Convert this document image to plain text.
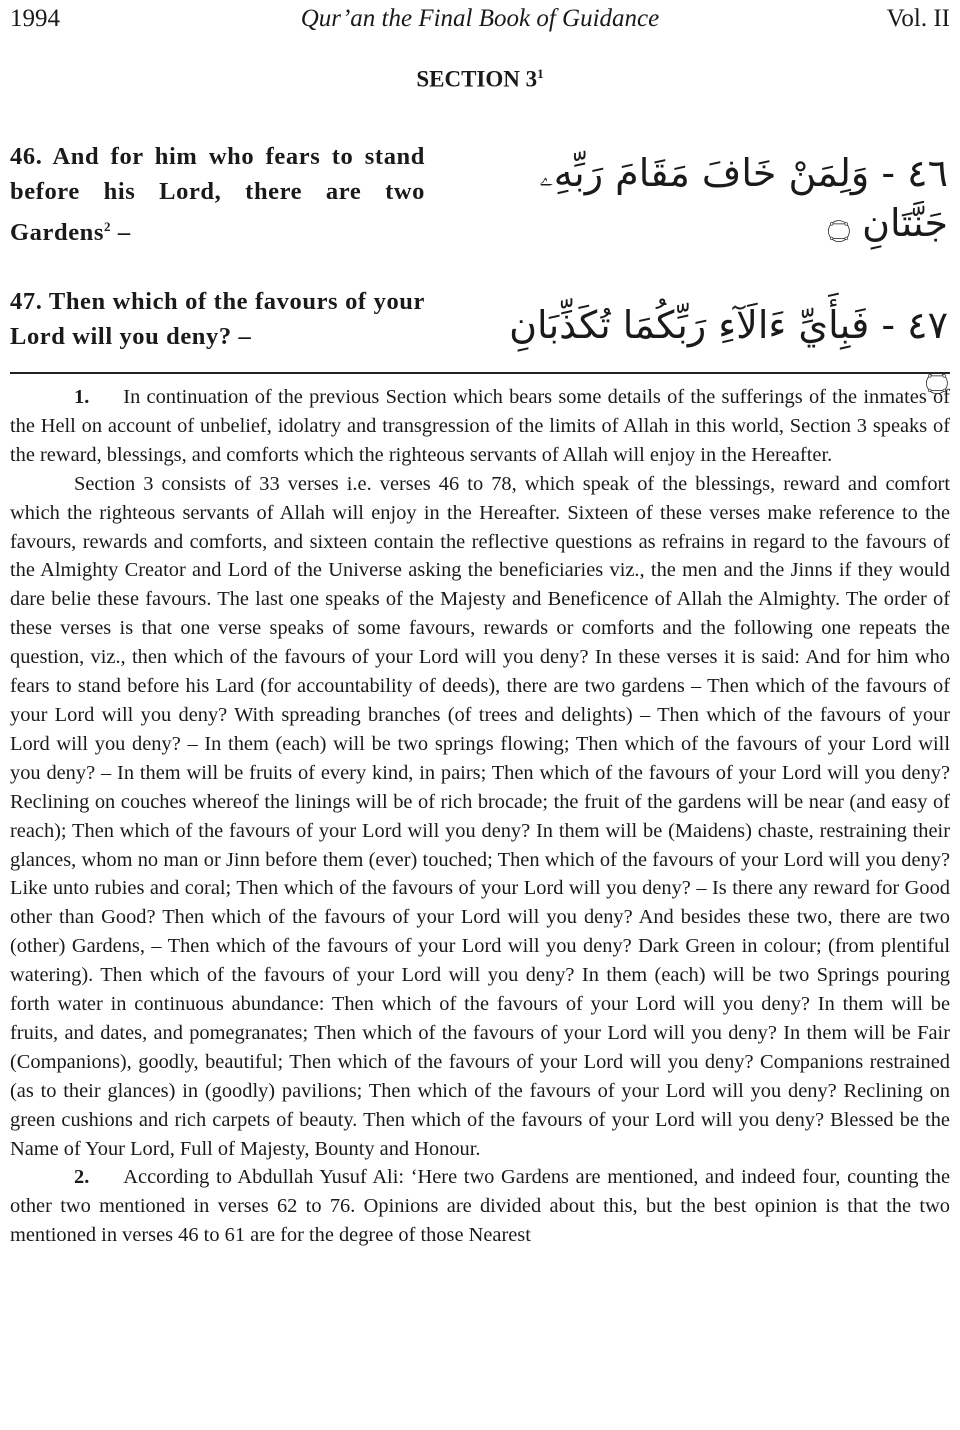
1994	Qur’an the Final Book of Guidance	Vol. II
SECTION $3^1$
46. And for him who fears to stand before his Lord, there are two Gardens$^2$ –
٤٦ - وَلِمَنْ خَافَ مَقَامَ رَبِّهِۦ جَنَّتَانِ ۝
47. Then which of the favours of your Lord will you deny? –	٤٧ - فَبِأَيِّ ءَالَآءِ رَبِّكُمَا تُكَذِّبَانِ ۝

1. In continuation of the previous Section which bears some details of the sufferings of the inmates of the Hell on account of unbelief, idolatry and transgression of the limits of Allah in this world, Section 3 speaks of the reward, blessings, and comforts which the righteous servants of Allah will enjoy in the Hereafter.

Section 3 consists of 33 verses i.e. verses 46 to 78, which speak of the blessings, reward and comfort which the righteous servants of Allah will enjoy in the Hereafter. Sixteen of these verses make reference to the favours, rewards and comforts, and sixteen contain the reflective questions as refrains in regard to the favours of the Almighty Creator and Lord of the Universe asking the beneficiaries viz., the men and the Jinns if they would dare belie these favours. The last one speaks of the Majesty and Beneficence of Allah the Almighty. The order of these verses is that one verse speaks of some favours, rewards or comforts and the following one repeats the question, viz., then which of the favours of your Lord will you deny? In these verses it is said: And for him who fears to stand before his Lard (for accountability of deeds), there are two gardens – Then which of the favours of your Lord will you deny? With spreading branches (of trees and delights) – Then which of the favours of your Lord will you deny? – In them (each) will be two springs flowing; Then which of the favours of your Lord will you deny? – In them will be fruits of every kind, in pairs; Then which of the favours of your Lord will you deny? Reclining on couches whereof the linings will be of rich brocade; the fruit of the gardens will be near (and easy of reach); Then which of the favours of your Lord will you deny? In them will be (Maidens) chaste, restraining their glances, whom no man or Jinn before them (ever) touched; Then which of the favours of your Lord will you deny? Like unto rubies and coral; Then which of the favours of your Lord will you deny? – Is there any reward for Good other than Good? Then which of the favours of your Lord will you deny? And besides these two, there are two (other) Gardens, – Then which of the favours of your Lord will you deny? Dark Green in colour; (from plentiful watering). Then which of the favours of your Lord will you deny? In them (each) will be two Springs pouring forth water in continuous abundance: Then which of the favours of your Lord will you deny? In them will be fruits, and dates, and pomegranates; Then which of the favours of your Lord will you deny? In them will be Fair (Companions), goodly, beautiful; Then which of the favours of your Lord will you deny? Companions restrained (as to their glances) in (goodly) pavilions; Then which of the favours of your Lord will you deny? Reclining on green cushions and rich carpets of beauty. Then which of the favours of your Lord will you deny? Blessed be the Name of Your Lord, Full of Majesty, Bounty and Honour.

2. According to Abdullah Yusuf Ali: ‘Here two Gardens are mentioned, and indeed four, counting the other two mentioned in verses 62 to 76. Opinions are divided about this, but the best opinion is that the two mentioned in verses 46 to 61 are for the degree of those Nearest
